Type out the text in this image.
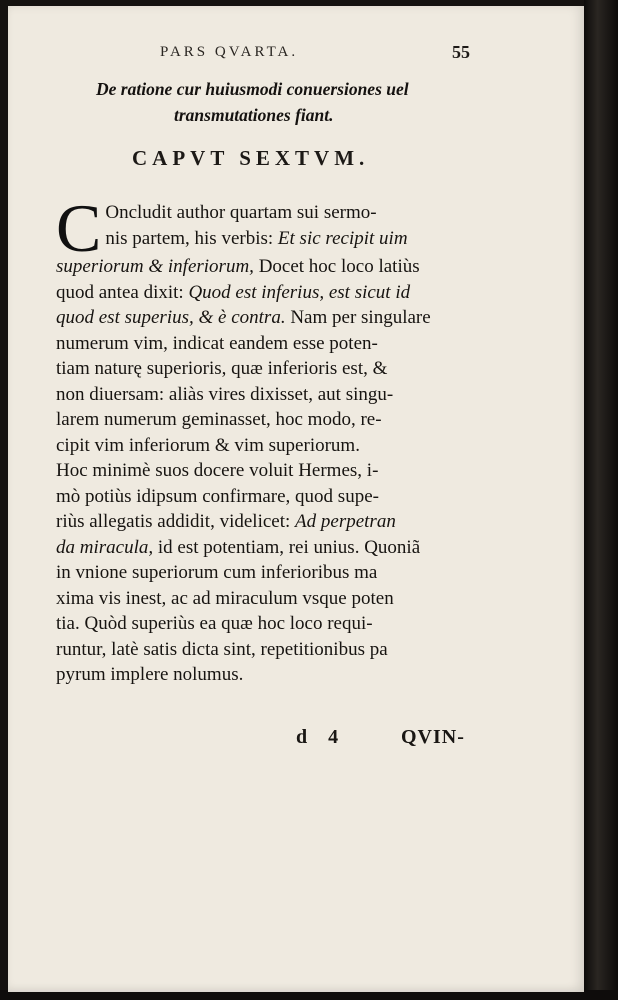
PARS QVARTA.	55
De ratione cur huiusmodi conuersiones uel
transmutationes fiant.
CAPVT SEXTVM.
C Oncludit author quartam sui sermo-
nis partem, his verbis: Et sic recipit uim
superiorum & inferiorum, Docet hoc loco latiùs
quod antea dixit: Quod est inferius, est sicut id
quod est superius, & è contra. Nam per singulare
numerum vim, indicat eandem esse poten-
tiam naturę superioris, quæ inferioris est, &
non diuersam: aliàs vires dixisset, aut singu-
larem numerum geminasset, hoc modo, re-
cipit vim inferiorum & vim superiorum.
Hoc minimè suos docere voluit Hermes, i-
mò potiùs idipsum confirmare, quod supe-
riùs allegatis addidit, videlicet: Ad perpetran
da miracula, id est potentiam, rei unius. Quoniã
in vnione superiorum cum inferioribus ma
xima vis inest, ac ad miraculum vsque poten
tia. Quòd superiùs ea quæ hoc loco requi-
runtur, latè satis dicta sint, repetitionibus pa
pyrum implere nolumus.
d 4	QVIN-
